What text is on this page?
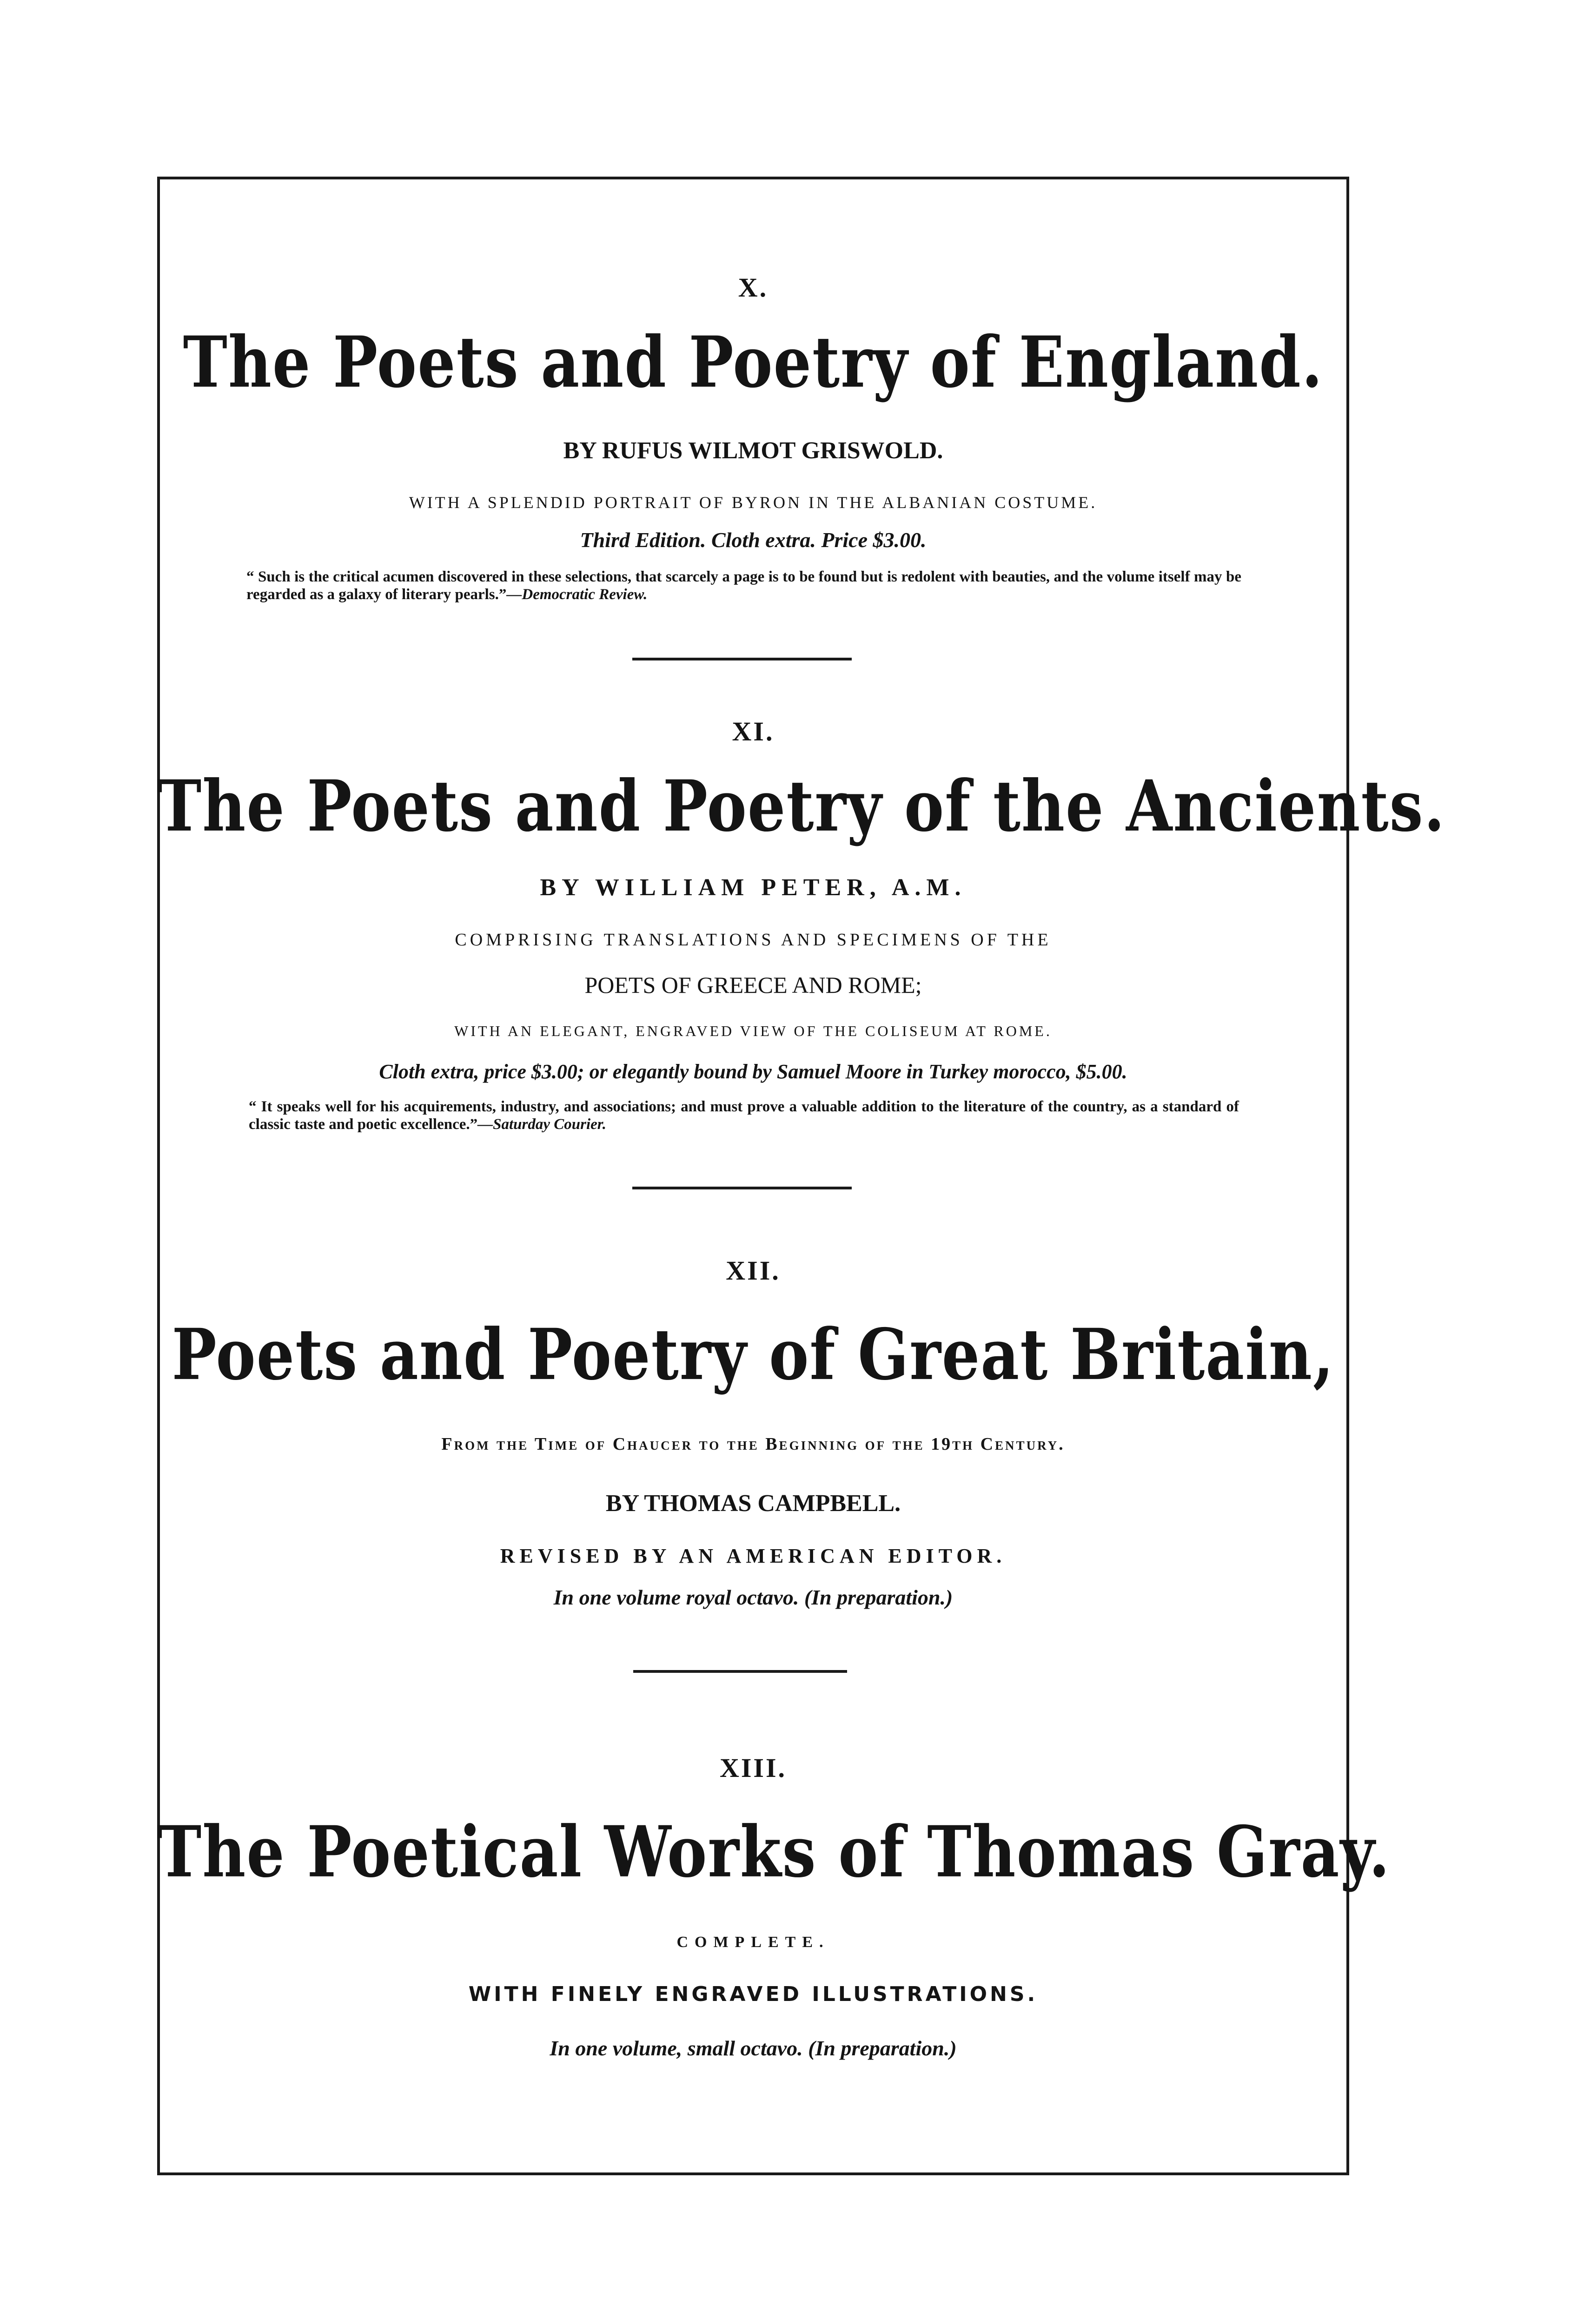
X.

The Poets and Poetry of England.

BY RUFUS WILMOT GRISWOLD.

WITH A SPLENDID PORTRAIT OF BYRON IN THE ALBANIAN COSTUME.

Third Edition. Cloth extra. Price $3.00.

“ Such is the critical acumen discovered in these selections, that scarcely a page is to be found but is redolent with beauties, and the volume itself may be regarded as a galaxy of literary pearls.”—Democratic Review.

XI.

The Poets and Poetry of the Ancients.

BY WILLIAM PETER, A.M.

COMPRISING TRANSLATIONS AND SPECIMENS OF THE

POETS OF GREECE AND ROME;

WITH AN ELEGANT, ENGRAVED VIEW OF THE COLISEUM AT ROME.

Cloth extra, price $3.00; or elegantly bound by Samuel Moore in Turkey morocco, $5.00.

“ It speaks well for his acquirements, industry, and associations; and must prove a valuable addition to the literature of the country, as a standard of classic taste and poetic excellence.”—Saturday Courier.

XII.

Poets and Poetry of Great Britain,

From the Time of Chaucer to the Beginning of the 19th Century.

BY THOMAS CAMPBELL.

REVISED BY AN AMERICAN EDITOR.

In one volume royal octavo. (In preparation.)

XIII.

The Poetical Works of Thomas Gray.

COMPLETE.

WITH FINELY ENGRAVED ILLUSTRATIONS.

In one volume, small octavo. (In preparation.)
